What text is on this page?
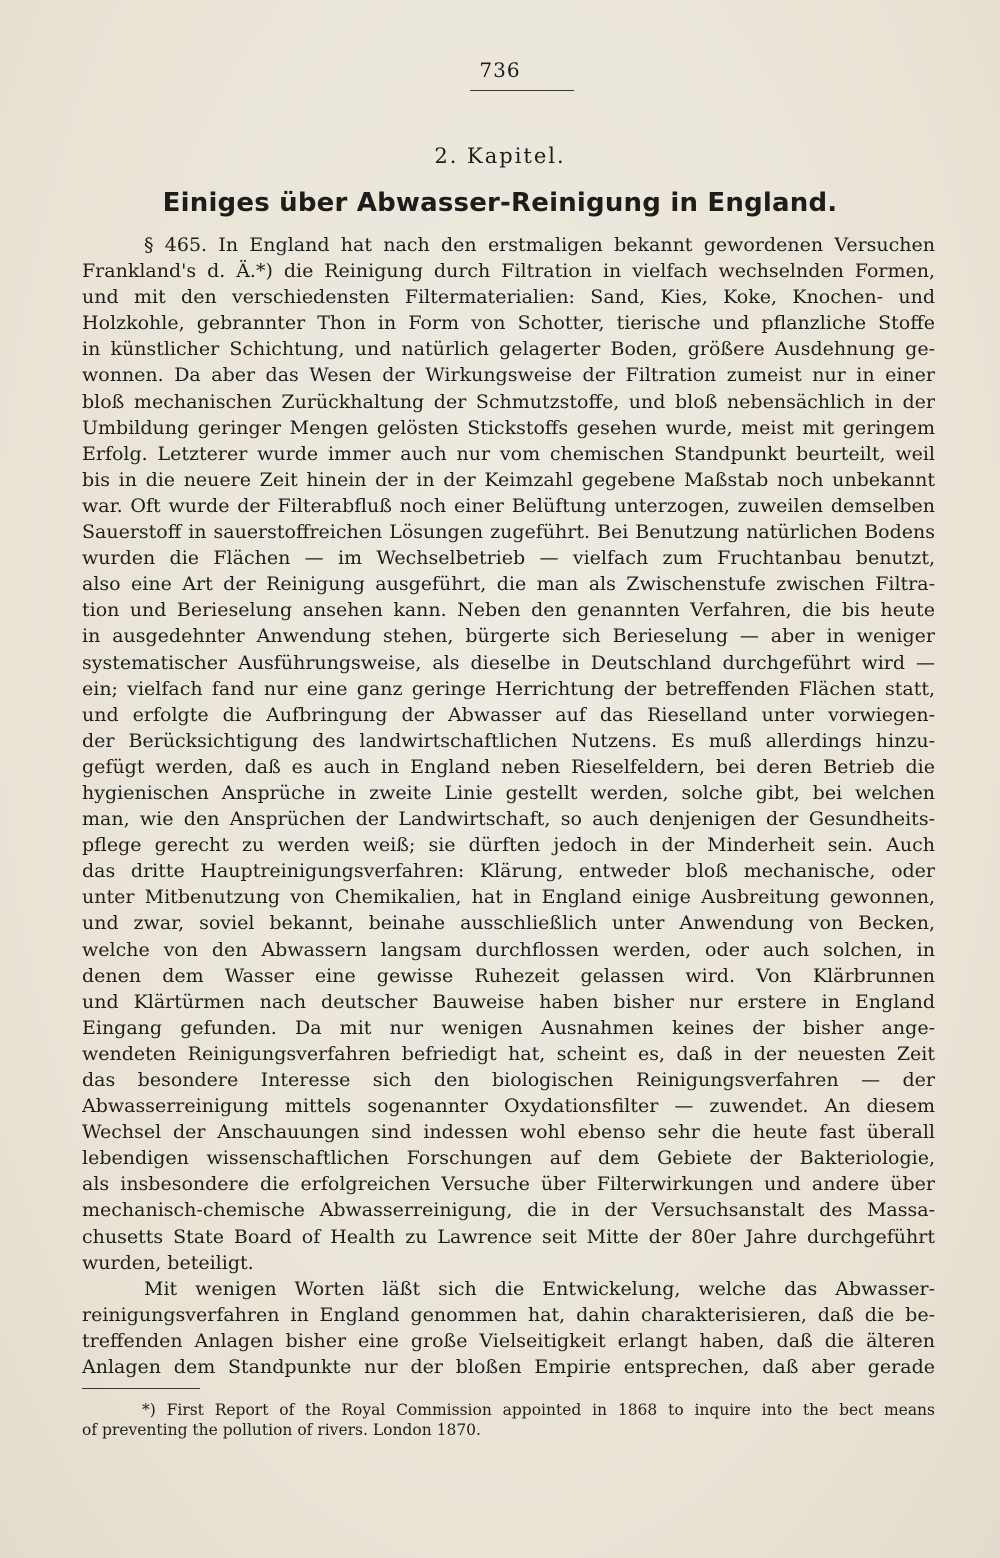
736
2. Kapitel.
Einiges über Abwasser-Reinigung in England.
§ 465. In England hat nach den erstmaligen bekannt gewordenen Versuchen
Frankland's d. Ä.*) die Reinigung durch Filtration in vielfach wechselnden Formen,
und mit den verschiedensten Filtermaterialien: Sand, Kies, Koke, Knochen- und
Holzkohle, gebrannter Thon in Form von Schotter, tierische und pflanzliche Stoffe
in künstlicher Schichtung, und natürlich gelagerter Boden, größere Ausdehnung ge-
wonnen. Da aber das Wesen der Wirkungsweise der Filtration zumeist nur in einer
bloß mechanischen Zurückhaltung der Schmutzstoffe, und bloß nebensächlich in der
Umbildung geringer Mengen gelösten Stickstoffs gesehen wurde, meist mit geringem
Erfolg. Letzterer wurde immer auch nur vom chemischen Standpunkt beurteilt, weil
bis in die neuere Zeit hinein der in der Keimzahl gegebene Maßstab noch unbekannt
war. Oft wurde der Filterabfluß noch einer Belüftung unterzogen, zuweilen demselben
Sauerstoff in sauerstoffreichen Lösungen zugeführt. Bei Benutzung natürlichen Bodens
wurden die Flächen — im Wechselbetrieb — vielfach zum Fruchtanbau benutzt,
also eine Art der Reinigung ausgeführt, die man als Zwischenstufe zwischen Filtra-
tion und Berieselung ansehen kann. Neben den genannten Verfahren, die bis heute
in ausgedehnter Anwendung stehen, bürgerte sich Berieselung — aber in weniger
systematischer Ausführungsweise, als dieselbe in Deutschland durchgeführt wird —
ein; vielfach fand nur eine ganz geringe Herrichtung der betreffenden Flächen statt,
und erfolgte die Aufbringung der Abwasser auf das Rieselland unter vorwiegen-
der Berücksichtigung des landwirtschaftlichen Nutzens. Es muß allerdings hinzu-
gefügt werden, daß es auch in England neben Rieselfeldern, bei deren Betrieb die
hygienischen Ansprüche in zweite Linie gestellt werden, solche gibt, bei welchen
man, wie den Ansprüchen der Landwirtschaft, so auch denjenigen der Gesundheits-
pflege gerecht zu werden weiß; sie dürften jedoch in der Minderheit sein. Auch
das dritte Hauptreinigungsverfahren: Klärung, entweder bloß mechanische, oder
unter Mitbenutzung von Chemikalien, hat in England einige Ausbreitung gewonnen,
und zwar, soviel bekannt, beinahe ausschließlich unter Anwendung von Becken,
welche von den Abwassern langsam durchflossen werden, oder auch solchen, in
denen dem Wasser eine gewisse Ruhezeit gelassen wird. Von Klärbrunnen
und Klärtürmen nach deutscher Bauweise haben bisher nur erstere in England
Eingang gefunden. Da mit nur wenigen Ausnahmen keines der bisher ange-
wendeten Reinigungsverfahren befriedigt hat, scheint es, daß in der neuesten Zeit
das besondere Interesse sich den biologischen Reinigungsverfahren — der
Abwasserreinigung mittels sogenannter Oxydationsfilter — zuwendet. An diesem
Wechsel der Anschauungen sind indessen wohl ebenso sehr die heute fast überall
lebendigen wissenschaftlichen Forschungen auf dem Gebiete der Bakteriologie,
als insbesondere die erfolgreichen Versuche über Filterwirkungen und andere über
mechanisch-chemische Abwasserreinigung, die in der Versuchsanstalt des Massa-
chusetts State Board of Health zu Lawrence seit Mitte der 80er Jahre durchgeführt
wurden, beteiligt.
Mit wenigen Worten läßt sich die Entwickelung, welche das Abwasser-
reinigungsverfahren in England genommen hat, dahin charakterisieren, daß die be-
treffenden Anlagen bisher eine große Vielseitigkeit erlangt haben, daß die älteren
Anlagen dem Standpunkte nur der bloßen Empirie entsprechen, daß aber gerade
*) First Report of the Royal Commission appointed in 1868 to inquire into the bect means
of preventing the pollution of rivers. London 1870.
